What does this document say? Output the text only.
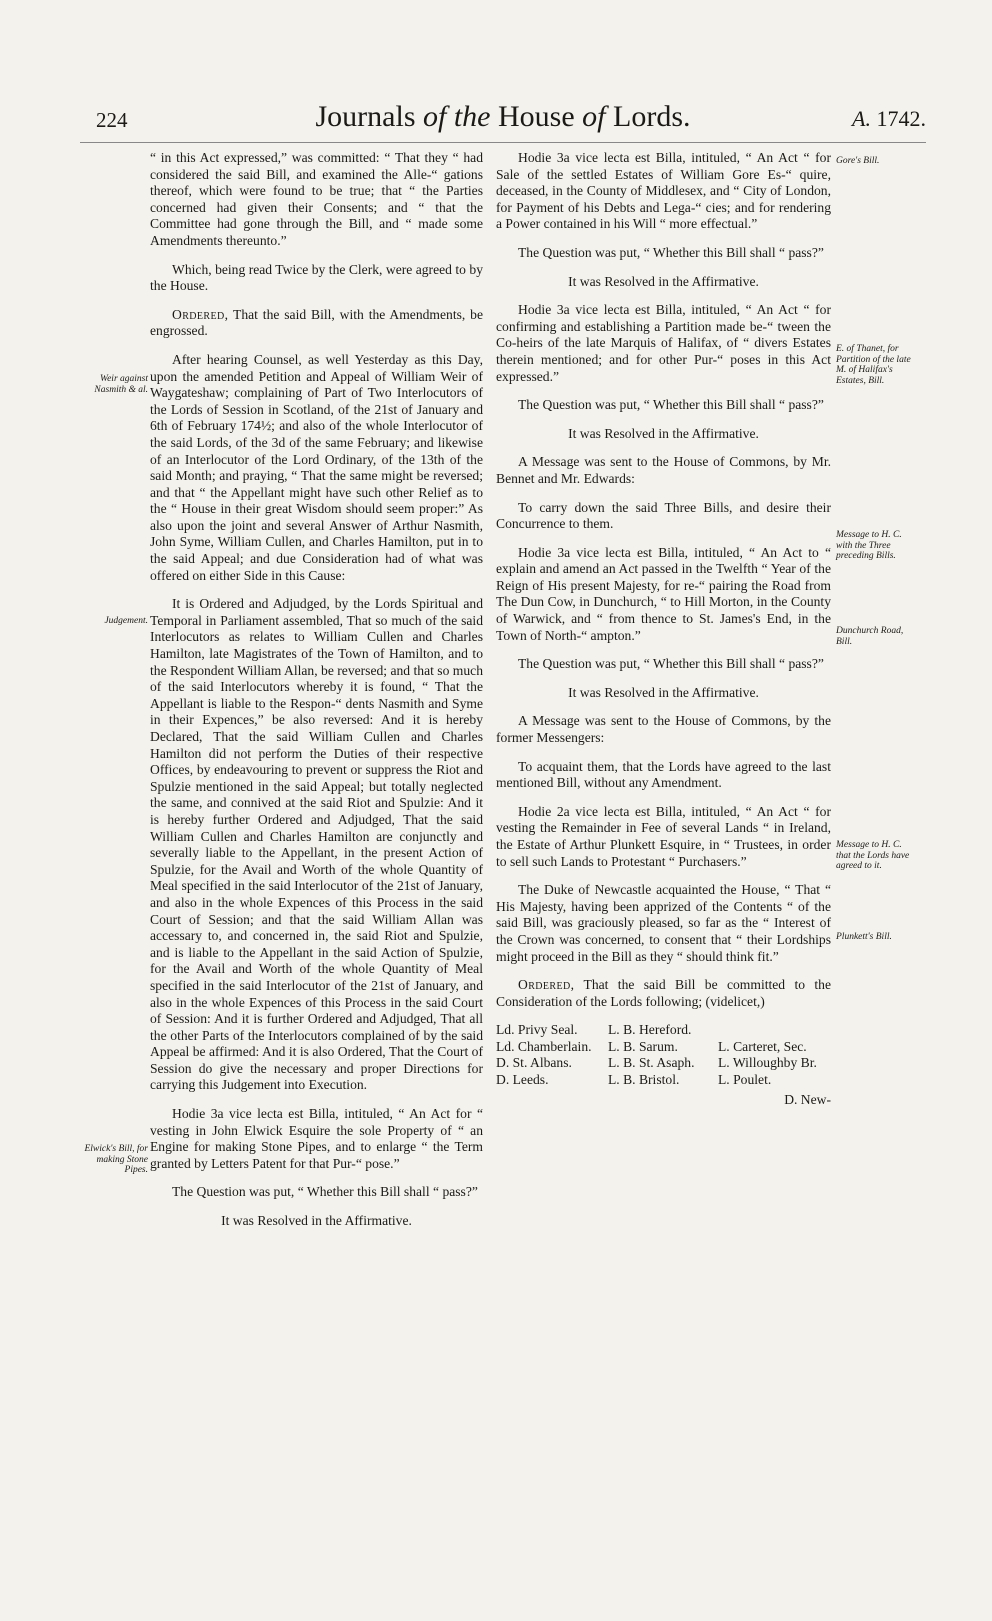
224	Journals of the House of Lords.	A. 1742.

“ in this Act expressed,” was committed: “ That they “ had considered the said Bill, and examined the Alle-“ gations thereof, which were found to be true; that “ the Parties concerned had given their Consents; and “ that the Committee had gone through the Bill, and “ made some Amendments thereunto.”

Which, being read Twice by the Clerk, were agreed to by the House.

Ordered, That the said Bill, with the Amendments, be engrossed.

After hearing Counsel, as well Yesterday as this Day, upon the amended Petition and Appeal of William Weir of Waygateshaw; complaining of Part of Two Interlocutors of the Lords of Session in Scotland, of the 21st of January and 6th of February 174½; and also of the whole Interlocutor of the said Lords, of the 3d of the same February; and likewise of an Interlocutor of the Lord Ordinary, of the 13th of the said Month; and praying, “ That the same might be reversed; and that “ the Appellant might have such other Relief as to the “ House in their great Wisdom should seem proper:” As also upon the joint and several Answer of Arthur Nasmith, John Syme, William Cullen, and Charles Hamilton, put in to the said Appeal; and due Consideration had of what was offered on either Side in this Cause:

It is Ordered and Adjudged, by the Lords Spiritual and Temporal in Parliament assembled, That so much of the said Interlocutors as relates to William Cullen and Charles Hamilton, late Magistrates of the Town of Hamilton, and to the Respondent William Allan, be reversed; and that so much of the said Interlocutors whereby it is found, “ That the Appellant is liable to the Respon-“ dents Nasmith and Syme in their Expences,” be also reversed: And it is hereby Declared, That the said William Cullen and Charles Hamilton did not perform the Duties of their respective Offices, by endeavouring to prevent or suppress the Riot and Spulzie mentioned in the said Appeal; but totally neglected the same, and connived at the said Riot and Spulzie: And it is hereby further Ordered and Adjudged, That the said William Cullen and Charles Hamilton are conjunctly and severally liable to the Appellant, in the present Action of Spulzie, for the Avail and Worth of the whole Quantity of Meal specified in the said Interlocutor of the 21st of January, and also in the whole Expences of this Process in the said Court of Session; and that the said William Allan was accessary to, and concerned in, the said Riot and Spulzie, and is liable to the Appellant in the said Action of Spulzie, for the Avail and Worth of the whole Quantity of Meal specified in the said Interlocutor of the 21st of January, and also in the whole Expences of this Process in the said Court of Session: And it is further Ordered and Adjudged, That all the other Parts of the Interlocutors complained of by the said Appeal be affirmed: And it is also Ordered, That the Court of Session do give the necessary and proper Directions for carrying this Judgement into Execution.

Hodie 3a vice lecta est Billa, intituled, “ An Act for “ vesting in John Elwick Esquire the sole Property of “ an Engine for making Stone Pipes, and to enlarge “ the Term granted by Letters Patent for that Pur-“ pose.”

The Question was put, “ Whether this Bill shall “ pass?”

It was Resolved in the Affirmative.

Hodie 3a vice lecta est Billa, intituled, “ An Act “ for Sale of the settled Estates of William Gore Es-“ quire, deceased, in the County of Middlesex, and “ City of London, for Payment of his Debts and Lega-“ cies; and for rendering a Power contained in his Will “ more effectual.”

The Question was put, “ Whether this Bill shall “ pass?”

It was Resolved in the Affirmative.

Hodie 3a vice lecta est Billa, intituled, “ An Act “ for confirming and establishing a Partition made be-“ tween the Co-heirs of the late Marquis of Halifax, of “ divers Estates therein mentioned; and for other Pur-“ poses in this Act expressed.”

The Question was put, “ Whether this Bill shall “ pass?”

It was Resolved in the Affirmative.

A Message was sent to the House of Commons, by Mr. Bennet and Mr. Edwards:

To carry down the said Three Bills, and desire their Concurrence to them.

Hodie 3a vice lecta est Billa, intituled, “ An Act to “ explain and amend an Act passed in the Twelfth “ Year of the Reign of His present Majesty, for re-“ pairing the Road from The Dun Cow, in Dunchurch, “ to Hill Morton, in the County of Warwick, and “ from thence to St. James's End, in the Town of North-“ ampton.”

The Question was put, “ Whether this Bill shall “ pass?”

It was Resolved in the Affirmative.

A Message was sent to the House of Commons, by the former Messengers:

To acquaint them, that the Lords have agreed to the last mentioned Bill, without any Amendment.

Hodie 2a vice lecta est Billa, intituled, “ An Act “ for vesting the Remainder in Fee of several Lands “ in Ireland, the Estate of Arthur Plunkett Esquire, in “ Trustees, in order to sell such Lands to Protestant “ Purchasers.”

The Duke of Newcastle acquainted the House, “ That “ His Majesty, having been apprized of the Contents “ of the said Bill, was graciously pleased, so far as the “ Interest of the Crown was concerned, to consent that “ their Lordships might proceed in the Bill as they “ should think fit.”

Ordered, That the said Bill be committed to the Consideration of the Lords following; (videlicet,)

Ld. Privy Seal.	L. B. Hereford.
Ld. Chamberlain.	L. B. Sarum.	L. Carteret, Sec.
D. St. Albans.	L. B. St. Asaph.	L. Willoughby Br.
D. Leeds.	L. B. Bristol.	L. Poulet.
D. New-
Weir against Nasmith & al.
Judgement.
Elwick's Bill, for making Stone Pipes.
Gore's Bill.
E. of Thanet, for Partition of the late M. of Halifax's Estates, Bill.
Message to H. C. with the Three preceding Bills.
Dunchurch Road, Bill.
Message to H. C. that the Lords have agreed to it.
Plunkett's Bill.
